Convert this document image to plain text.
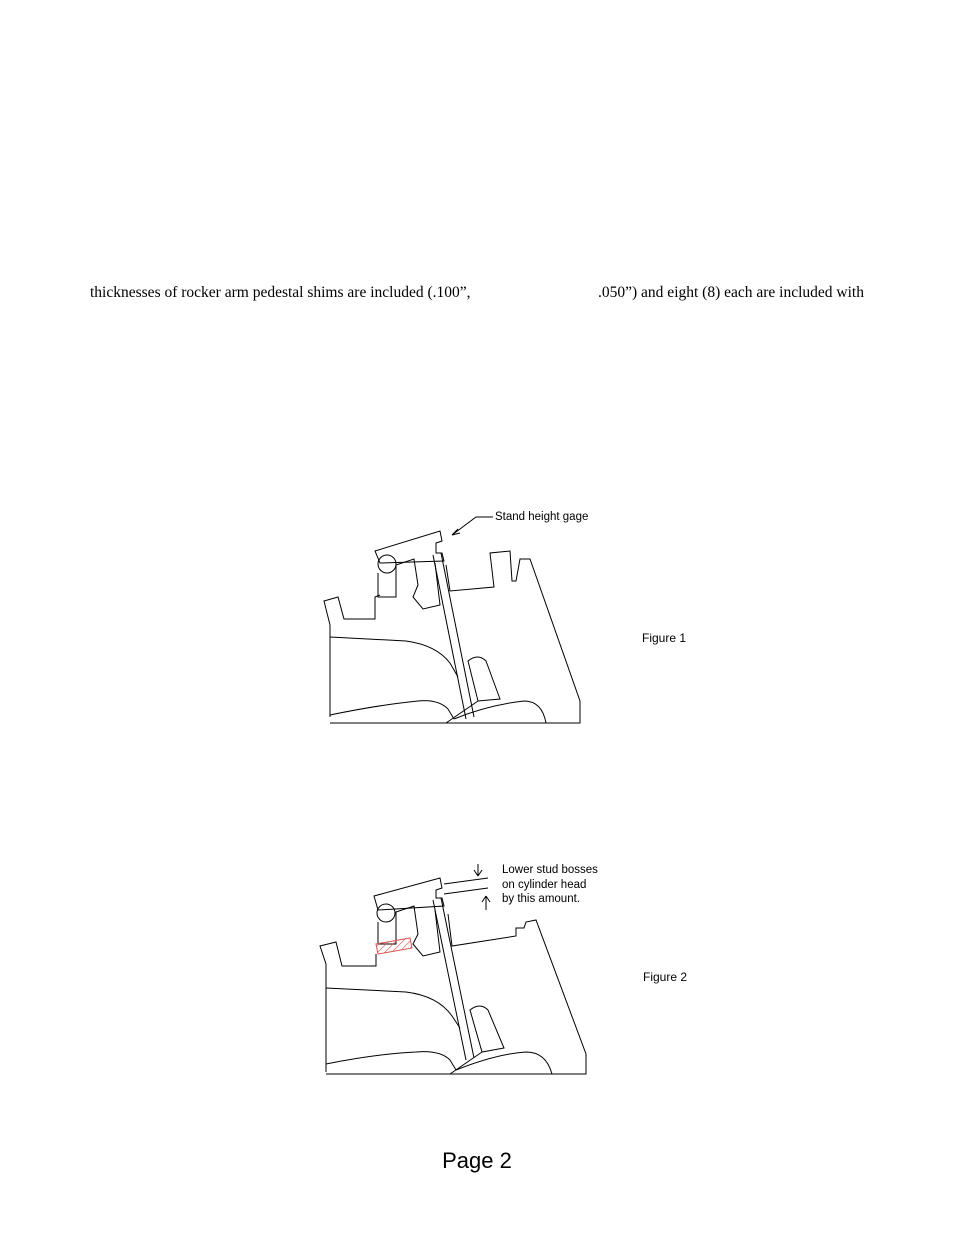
thicknesses of rocker arm pedestal shims are included (.100”,	.050”) and eight (8) each are included with
Stand height gage
Figure 1
Lower stud bosses
on cylinder head
by this amount.
Figure 2
Page 2
